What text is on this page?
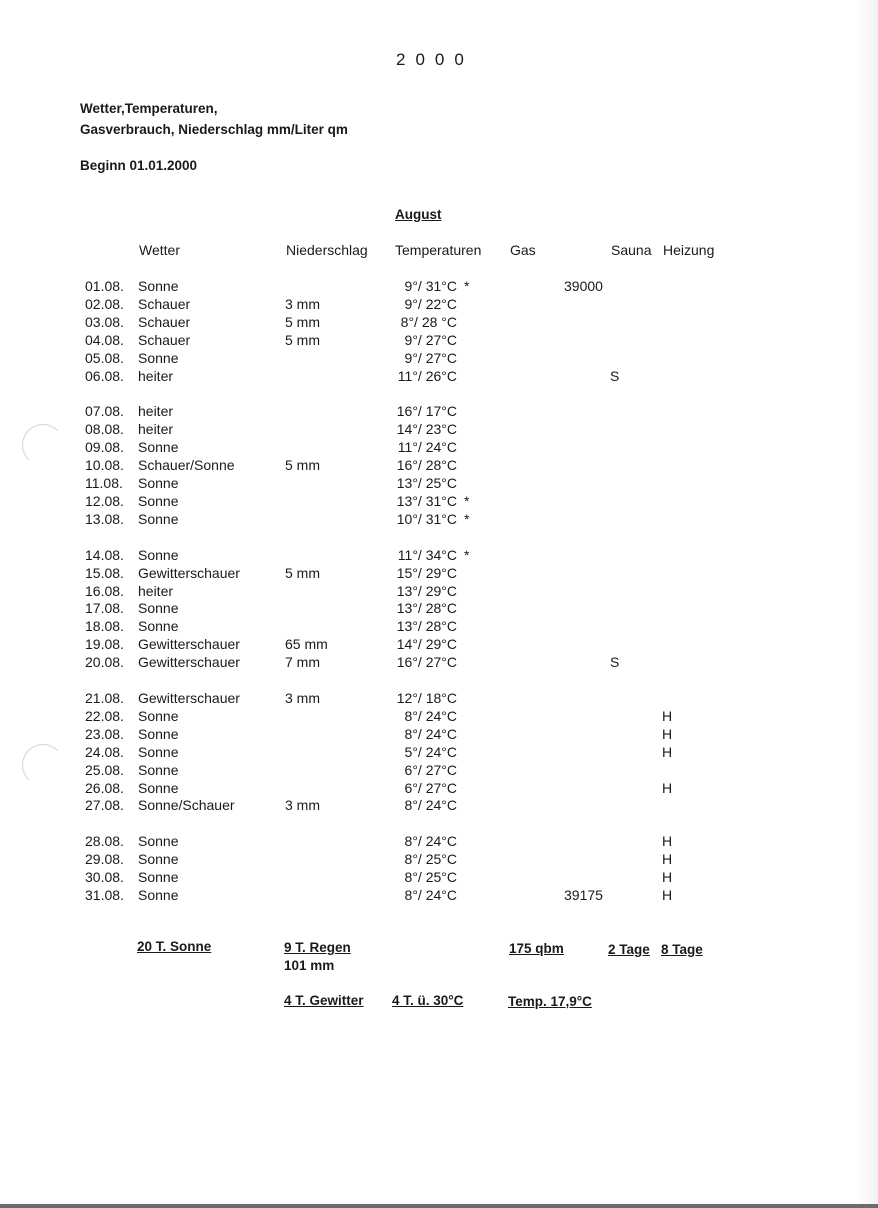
2000
Wetter,Temperaturen,
Gasverbrauch, Niederschlag mm/Liter qm
Beginn 01.01.2000
August
Wetter	Niederschlag Temperaturen Gas	Sauna Heizung
01.08. Sonne	9°/ 31°C *	39000
02.08. Schauer	3 mm	9°/ 22°C
03.08. Schauer	5 mm	8°/ 28 °C
04.08. Schauer	5 mm	9°/ 27°C
05.08. Sonne	9°/ 27°C
06.08. heiter	11°/ 26°C	S
07.08. heiter	16°/ 17°C
08.08. heiter	14°/ 23°C
09.08. Sonne	11°/ 24°C
10.08. Schauer/Sonne	5 mm	16°/ 28°C
11.08. Sonne	13°/ 25°C
12.08. Sonne	13°/ 31°C *
13.08. Sonne	10°/ 31°C *
14.08. Sonne	11°/ 34°C *
15.08. Gewitterschauer	5 mm	15°/ 29°C
16.08. heiter	13°/ 29°C
17.08. Sonne	13°/ 28°C
18.08. Sonne	13°/ 28°C
19.08. Gewitterschauer	65 mm	14°/ 29°C
20.08. Gewitterschauer	7 mm	16°/ 27°C	S
21.08. Gewitterschauer	3 mm	12°/ 18°C
22.08. Sonne	8°/ 24°C	H
23.08. Sonne	8°/ 24°C	H
24.08. Sonne	5°/ 24°C	H
25.08. Sonne	6°/ 27°C
26.08. Sonne	6°/ 27°C	H
27.08. Sonne/Schauer	3 mm	8°/ 24°C
28.08. Sonne	8°/ 24°C	H
29.08. Sonne	8°/ 25°C	H
30.08. Sonne	8°/ 25°C	H
31.08. Sonne	8°/ 24°C	39175	H
20 T. Sonne	9 T. Regen
101 mm
175 qbm	2 Tage 8 Tage
4 T. Gewitter 4 T. ü. 30°C	Temp. 17,9°C
